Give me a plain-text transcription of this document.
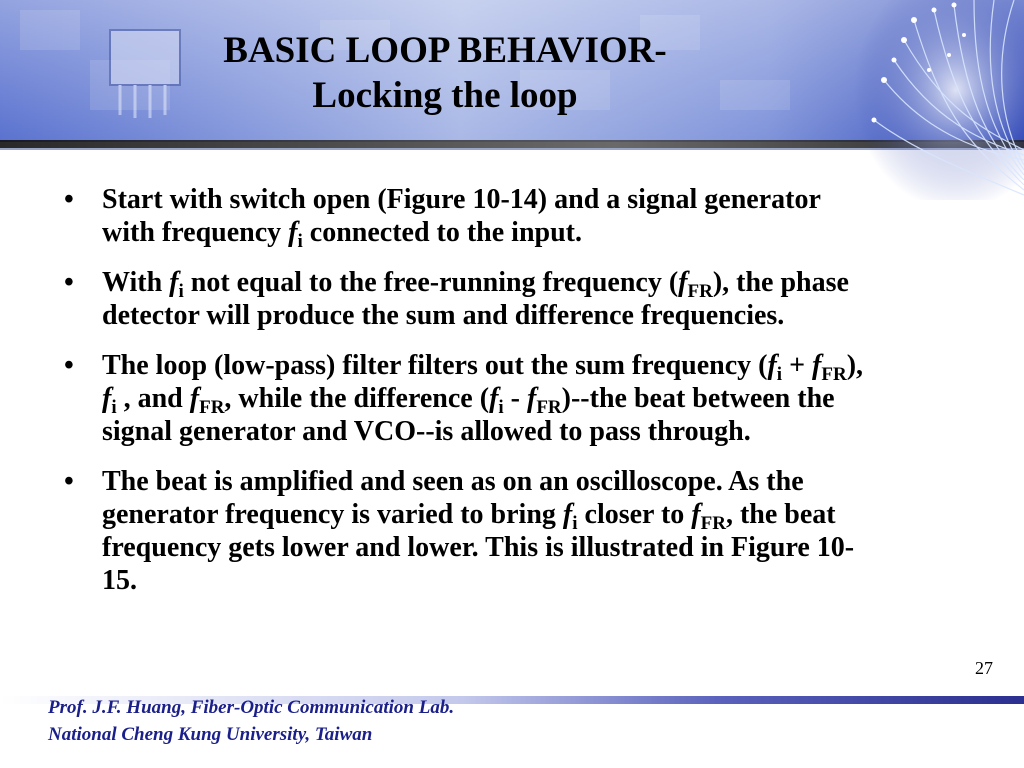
BASIC LOOP BEHAVIOR-
Locking the loop

• Start with switch open (Figure 10-14) and a signal generator with frequency $f_i$ connected to the input.

• With $f_i$ not equal to the free-running frequency $(f_{FR})$, the phase detector will produce the sum and difference frequencies.

• The loop (low-pass) filter filters out the sum frequency $(f_i + f_{FR})$, $f_i$ , and $f_{FR}$, while the difference $(f_i - f_{FR})--the$ beat between the signal generator and VCO--is allowed to pass through.

• The beat is amplified and seen as on an oscilloscope. As the generator frequency is varied to bring $f_i$ closer to $f_{FR}$, the beat frequency gets lower and lower. This is illustrated in Figure 10-15.

27
Prof. J.F. Huang, Fiber-Optic Communication Lab.
National Cheng Kung University, Taiwan
